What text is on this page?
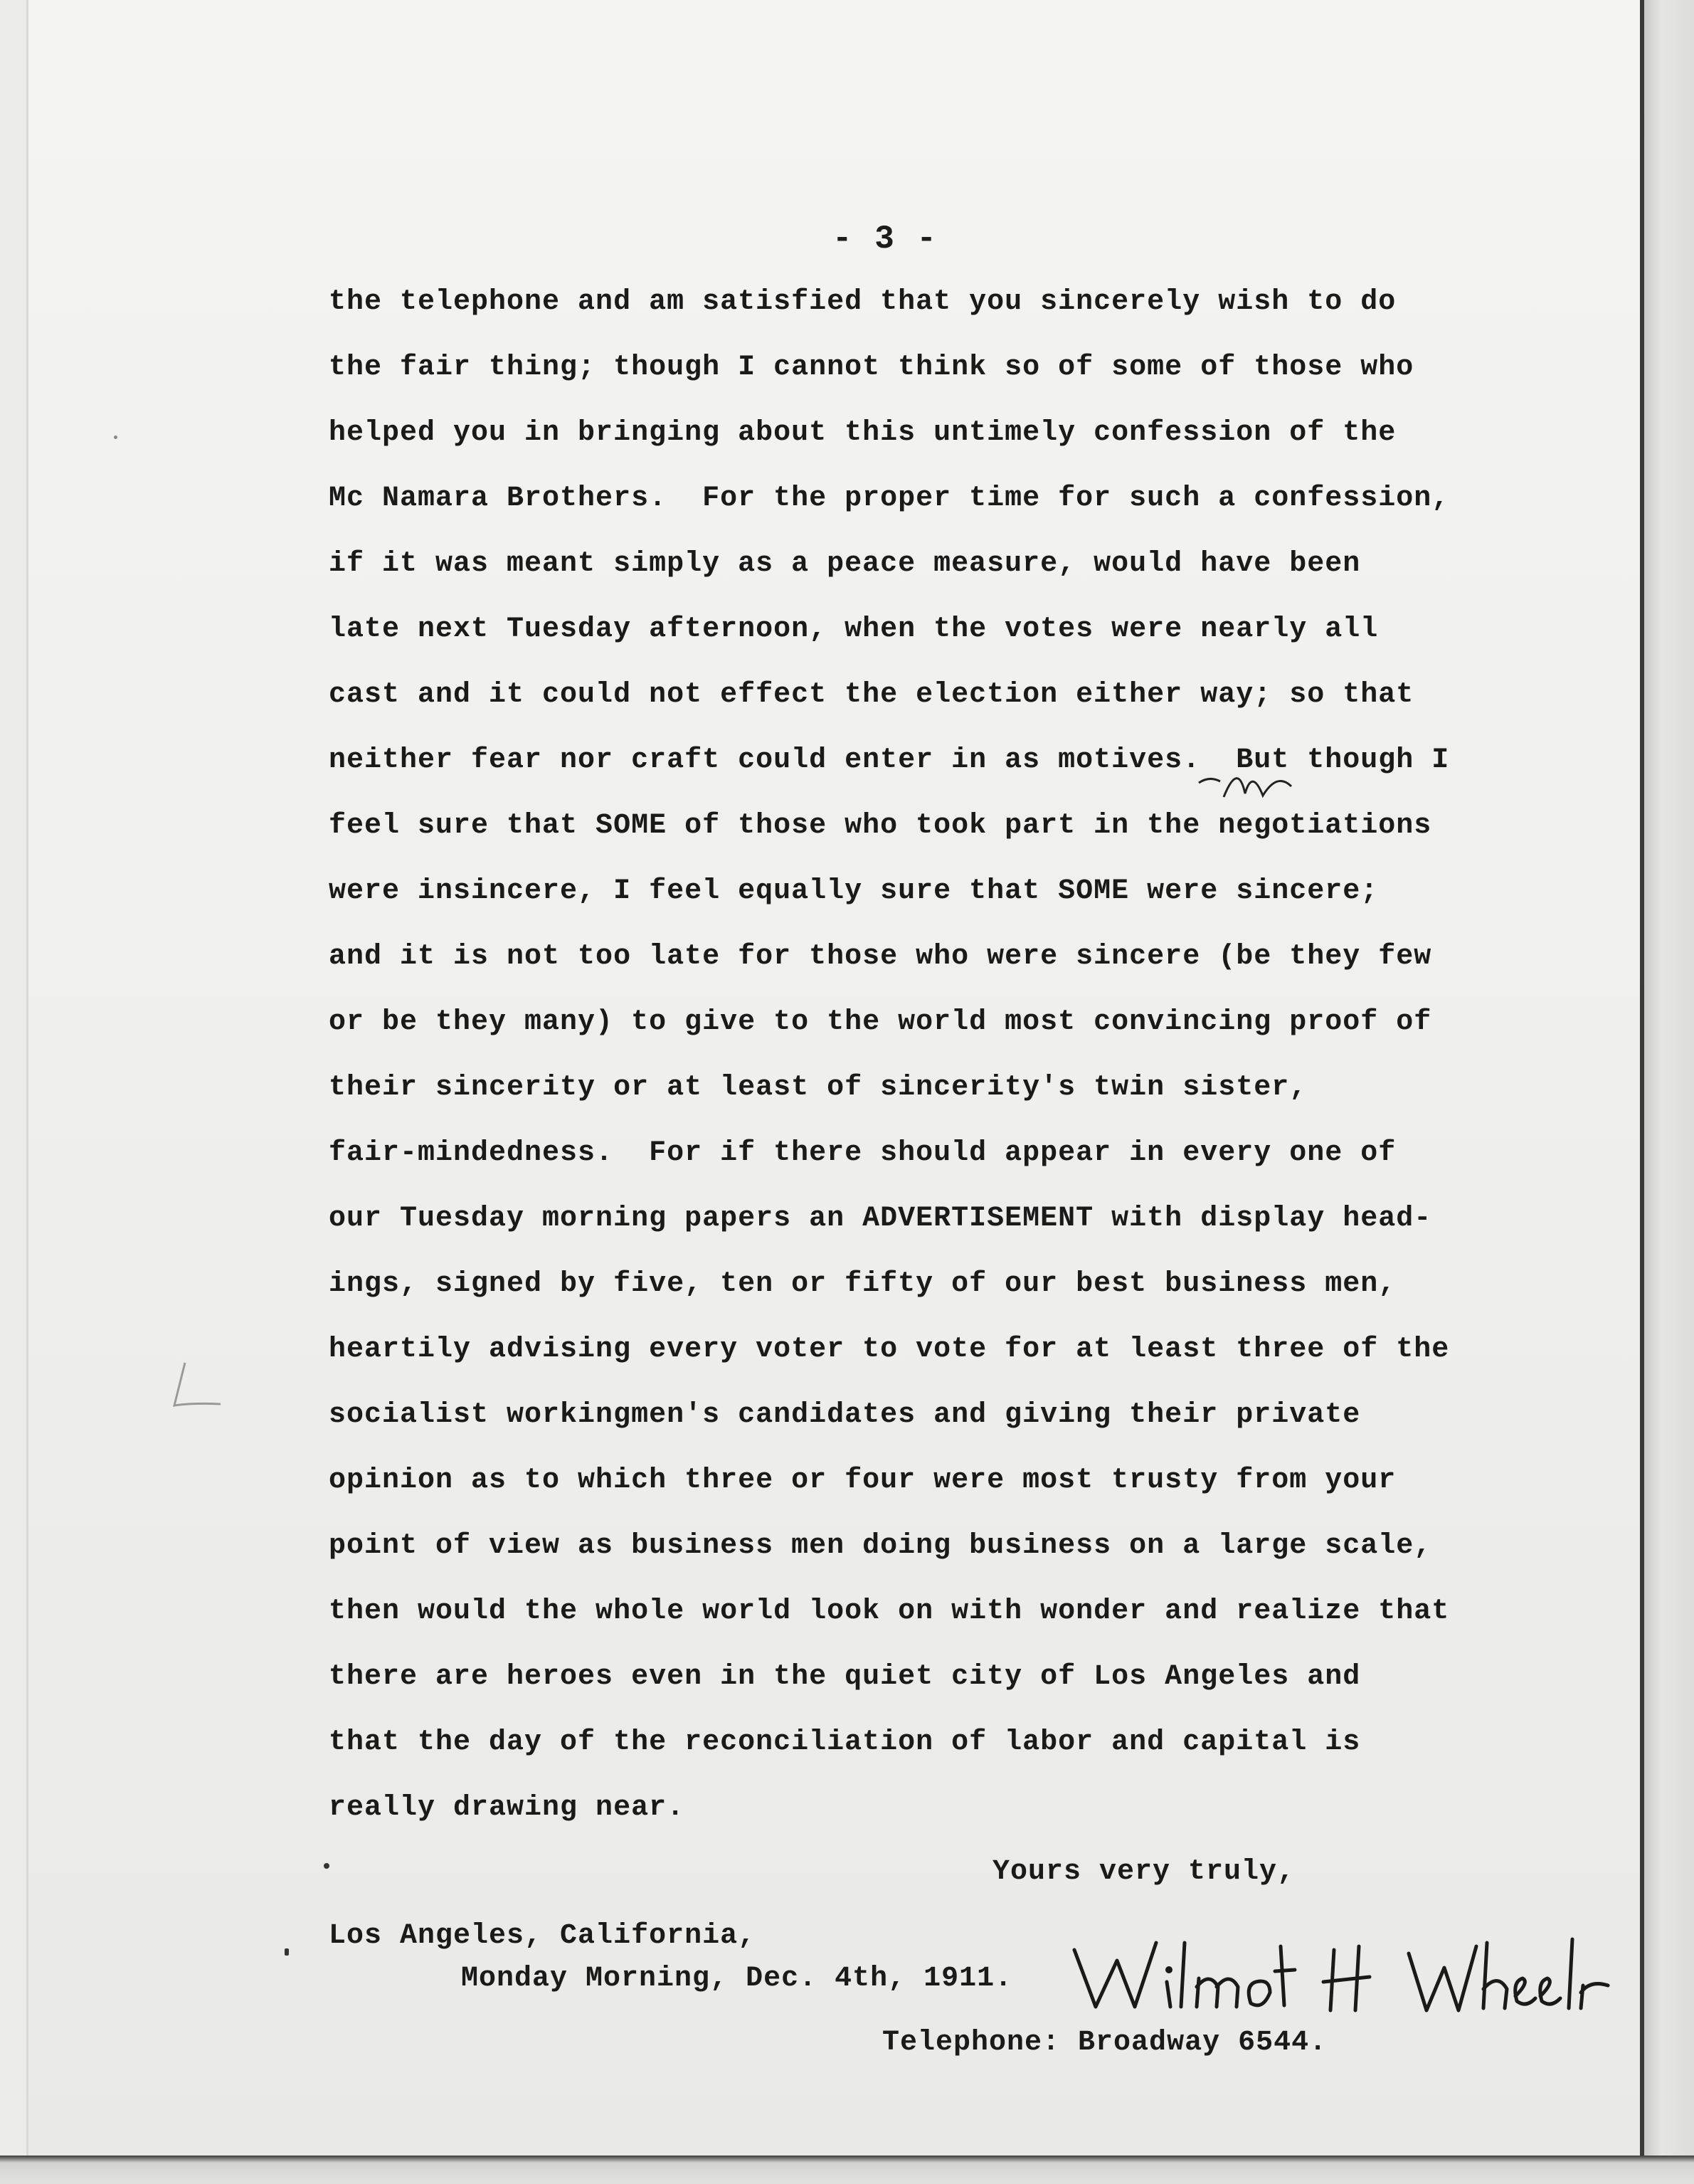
- 3 -
the telephone and am satisfied that you sincerely wish to do
the fair thing; though I cannot think so of some of those who
helped you in bringing about this untimely confession of the
Mc Namara Brothers.  For the proper time for such a confession,
if it was meant simply as a peace measure, would have been
late next Tuesday afternoon, when the votes were nearly all
cast and it could not effect the election either way; so that
neither fear nor craft could enter in as motives.  But though I
feel sure that SOME of those who took part in the negotiations
were insincere, I feel equally sure that SOME were sincere;
and it is not too late for those who were sincere (be they few
or be they many) to give to the world most convincing proof of
their sincerity or at least of sincerity's twin sister,
fair-mindedness.  For if there should appear in every one of
our Tuesday morning papers an ADVERTISEMENT with display head-
ings, signed by five, ten or fifty of our best business men,
heartily advising every voter to vote for at least three of the
socialist workingmen's candidates and giving their private
opinion as to which three or four were most trusty from your
point of view as business men doing business on a large scale,
then would the whole world look on with wonder and realize that
there are heroes even in the quiet city of Los Angeles and
that the day of the reconciliation of labor and capital is
really drawing near.
Yours very truly,
Los Angeles, California,
Monday Morning, Dec. 4th, 1911.
Telephone: Broadway 6544.
